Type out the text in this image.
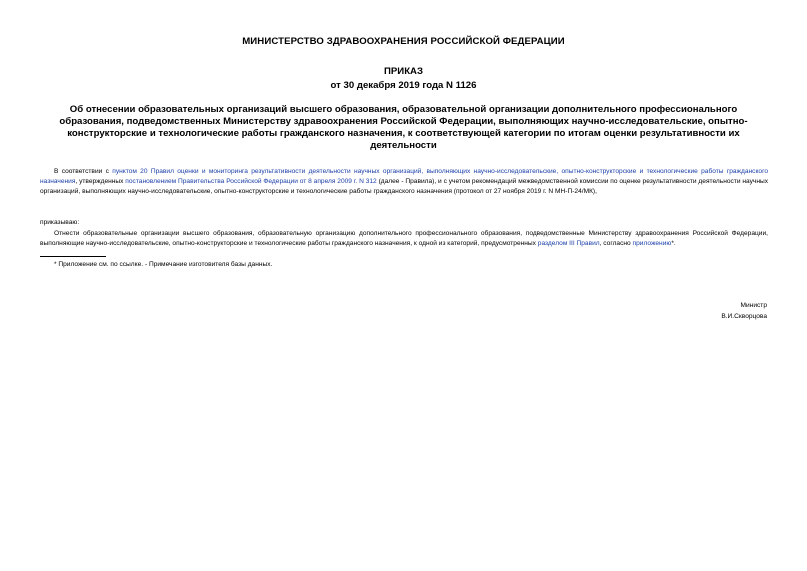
МИНИСТЕРСТВО ЗДРАВООХРАНЕНИЯ РОССИЙСКОЙ ФЕДЕРАЦИИ
ПРИКАЗ
от 30 декабря 2019 года N 1126
Об отнесении образовательных организаций высшего образования, образовательной организации дополнительного профессионального образования, подведомственных Министерству здравоохранения Российской Федерации, выполняющих научно-исследовательские, опытно-конструкторские и технологические работы гражданского назначения, к соответствующей категории по итогам оценки результативности их деятельности
В соответствии с пунктом 20 Правил оценки и мониторинга результативности деятельности научных организаций, выполняющих научно-исследовательские, опытно-конструкторские и технологические работы гражданского назначения, утвержденных постановлением Правительства Российской Федерации от 8 апреля 2009 г. N 312 (далее - Правила), и с учетом рекомендаций межведомственной комиссии по оценке результативности деятельности научных организаций, выполняющих научно-исследовательские, опытно-конструкторские и технологические работы гражданского назначения (протокол от 27 ноября 2019 г. N МН-П-24/МК),
приказываю:
Отнести образовательные организации высшего образования, образовательную организацию дополнительного профессионального образования, подведомственные Министерству здравоохранения Российской Федерации, выполняющие научно-исследовательские, опытно-конструкторские и технологические работы гражданского назначения, к одной из категорий, предусмотренных разделом III Правил, согласно приложению*.
* Приложение см. по ссылке. - Примечание изготовителя базы данных.
Министр
В.И.Скворцова
